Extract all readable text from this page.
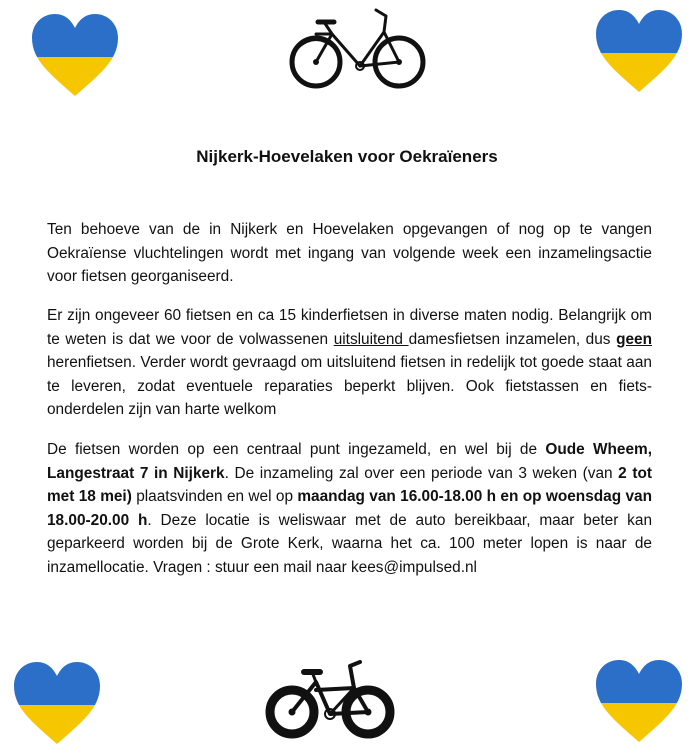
Nijkerk-Hoevelaken voor Oekraïeners
Ten behoeve van de in Nijkerk en Hoevelaken opgevangen of nog op te vangen Oekraïense vluchtelingen wordt met ingang van volgende week een inzamelingsactie voor fietsen georganiseerd.
Er zijn ongeveer 60 fietsen en ca 15 kinderfietsen in diverse maten nodig. Belangrijk om te weten is dat we voor de volwassenen uitsluitend damesfietsen inzamelen, dus geen herenfietsen. Verder wordt gevraagd om uitsluitend fietsen in redelijk tot goede staat aan te leveren, zodat eventuele reparaties beperkt blijven. Ook fietstassen en fiets-onderdelen zijn van harte welkom
De fietsen worden op een centraal punt ingezameld, en wel bij de Oude Wheem, Langestraat 7 in Nijkerk. De inzameling zal over een periode van 3 weken (van 2 tot met 18 mei) plaatsvinden en wel op maandag van 16.00-18.00 h en op woensdag van 18.00-20.00 h. Deze locatie is weliswaar met de auto bereikbaar, maar beter kan geparkeerd worden bij de Grote Kerk, waarna het ca. 100 meter lopen is naar de inzamellocatie. Vragen : stuur een mail naar kees@impulsed.nl
